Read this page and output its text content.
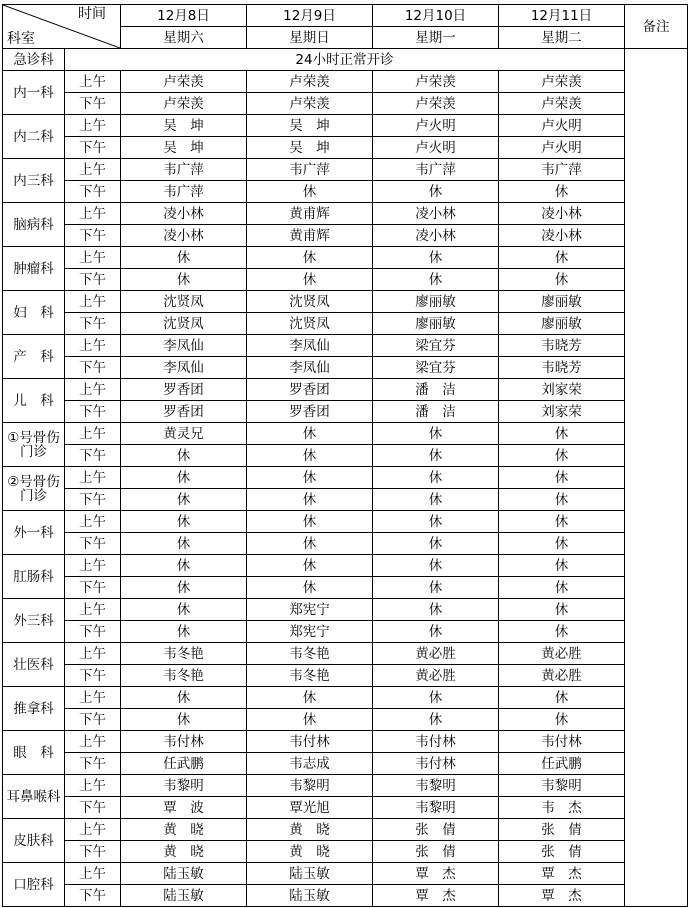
时间
科室		12月8日	12月9日	12月10日	12月11日	备注
		星期六	星期日	星期一	星期二	
急诊科	24小时正常开诊					
内一科	上午	卢荣羡	卢荣羡	卢荣羡	卢荣羡	
	下午	卢荣羡	卢荣羡	卢荣羡	卢荣羡	
内二科	上午	吴　坤	吴　坤	卢火明	卢火明	
	下午	吴　坤	吴　坤	卢火明	卢火明	
内三科	上午	韦广萍	韦广萍	韦广萍	韦广萍	
	下午	韦广萍	休	休	休	
脑病科	上午	凌小林	黄甫辉	凌小林	凌小林	
	下午	凌小林	黄甫辉	凌小林	凌小林	
肿瘤科	上午	休	休	休	休	
	下午	休	休	休	休	
妇　科	上午	沈贤凤	沈贤凤	廖丽敏	廖丽敏	
	下午	沈贤凤	沈贤凤	廖丽敏	廖丽敏	
产　科	上午	李凤仙	李凤仙	梁宜芬	韦晓芳	
	下午	李凤仙	李凤仙	梁宜芬	韦晓芳	
儿　科	上午	罗香团	罗香团	潘　洁	刘家荣	
	下午	罗香团	罗香团	潘　洁	刘家荣	
①号骨伤门诊	上午	黄灵兄	休	休	休	
	下午	休	休	休	休	
②号骨伤门诊	上午	休	休	休	休	
	下午	休	休	休	休	
外一科	上午	休	休	休	休	
	下午	休	休	休	休	
肛肠科	上午	休	休	休	休	
	下午	休	休	休	休	
外三科	上午	休	郑宪宁	休	休	
	下午	休	郑宪宁	休	休	
壮医科	上午	韦冬艳	韦冬艳	黄必胜	黄必胜	
	下午	韦冬艳	韦冬艳	黄必胜	黄必胜	
推拿科	上午	休	休	休	休	
	下午	休	休	休	休	
眼　科	上午	韦付林	韦付林	韦付林	韦付林	
	下午	任武鹏	韦志成	韦付林	任武鹏	
耳鼻喉科	上午	韦黎明	韦黎明	韦黎明	韦黎明	
	下午	覃　波	覃光旭	韦黎明	韦　杰	
皮肤科	上午	黄　晓	黄　晓	张　倩	张　倩	
	下午	黄　晓	黄　晓	张　倩	张　倩	
口腔科	上午	陆玉敏	陆玉敏	覃　杰	覃　杰	
	下午	陆玉敏	陆玉敏	覃　杰	覃　杰	
